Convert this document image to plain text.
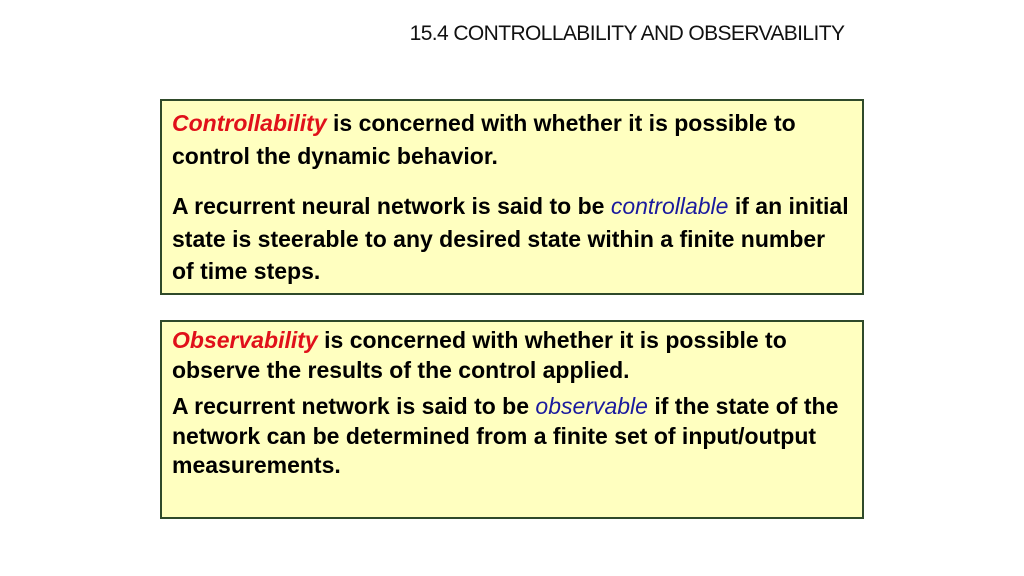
15.4 CONTROLLABILITY AND OBSERVABILITY

Controllability is concerned with whether it is possible to control the dynamic behavior.

A recurrent neural network is said to be controllable if an initial state is steerable to any desired state within a finite number of time steps.

Observability is concerned with whether it is possible to observe the results of the control applied.

A recurrent network is said to be observable if the state of the network can be determined from a finite set of input/output measurements.
